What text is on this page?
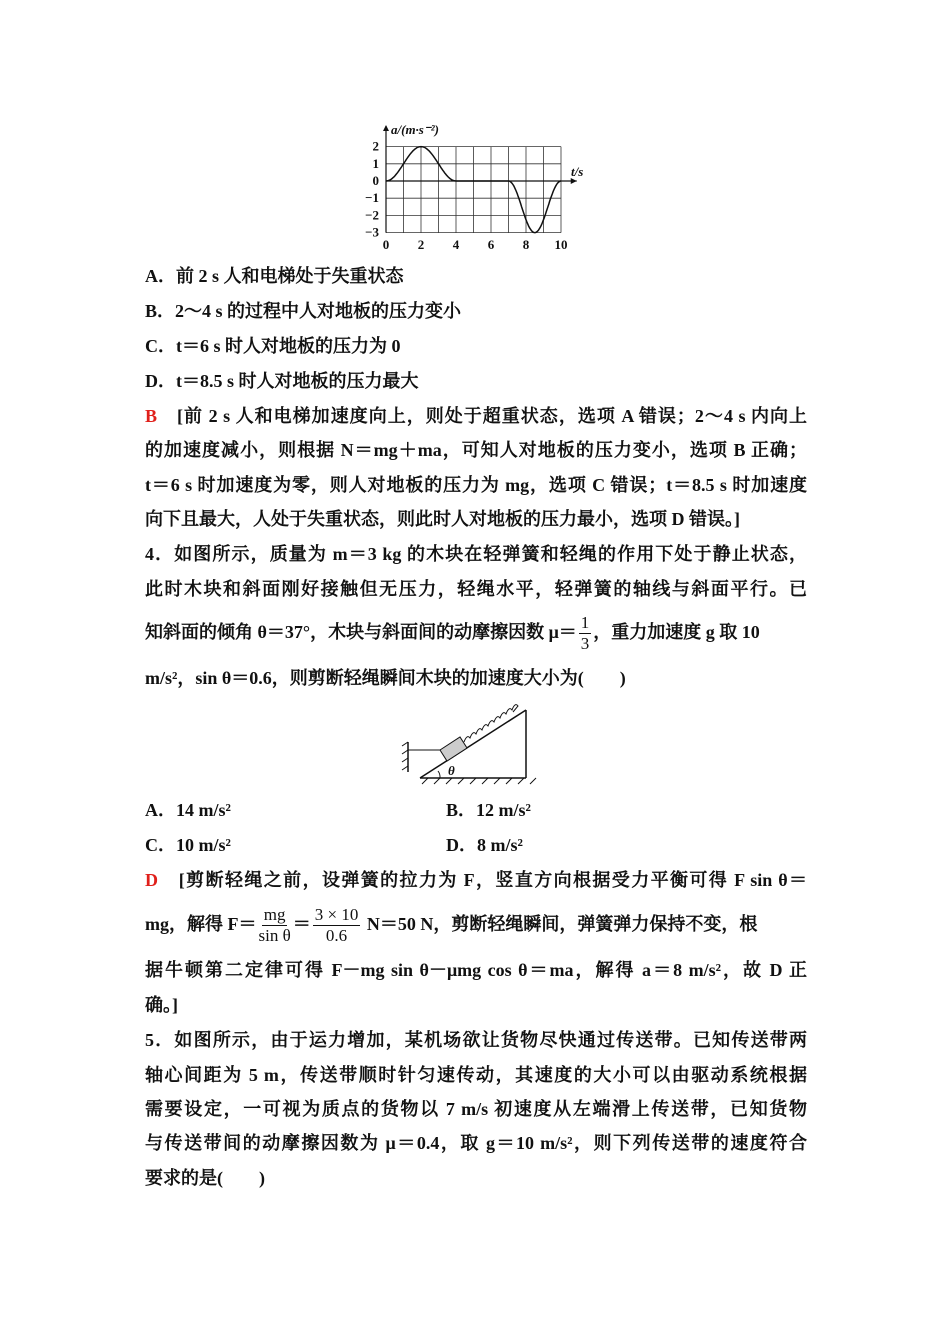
0 2 4 6 8 10
2
1
0
−1
−2
−3
a/(m·s⁻²)
t/s
A．前 2 s 人和电梯处于失重状态
B．2～4 s 的过程中人对地板的压力变小
C．t＝6 s 时人对地板的压力为 0
D．t＝8.5 s 时人对地板的压力最大
B　 [前 2 s 人和电梯加速度向上，则处于超重状态，选项 A 错误；2～4 s 内向上
的加速度减小，则根据 N＝mg＋ma，可知人对地板的压力变小，选项 B 正确；
t＝6 s 时加速度为零，则人对地板的压力为 mg，选项 C 错误；t＝8.5 s 时加速度
向下且最大，人处于失重状态，则此时人对地板的压力最小，选项 D 错误。]
4．如图所示，质量为 m＝3 kg 的木块在轻弹簧和轻绳的作用下处于静止状态，
此时木块和斜面刚好接触但无压力，轻绳水平，轻弹簧的轴线与斜面平行。已
知斜面的倾角 θ＝37°，木块与斜面间的动摩擦因数 $\mu= \frac{1}{3}$ ，重力加速度 g 取 10
m/s²，sin θ＝0.6，则剪断轻绳瞬间木块的加速度大小为(　　)
θ
A．14 m/s²	B．12 m/s²
C．10 m/s²	D．8 m/s²
D　 [剪断轻绳之前，设弹簧的拉力为 F，竖直方向根据受力平衡可得 F sin θ＝
mg，解得 $F= \frac{mg}{\text{sin θ}} = \frac{3 \times 10}{0.6} N=50$ N，剪断轻绳瞬间，弹簧弹力保持不变，根
据牛顿第二定律可得 F－mg sin θ－μmg cos θ＝ma，解得 a＝8 m/s²，故 D 正
确。]
5．如图所示，由于运力增加，某机场欲让货物尽快通过传送带。已知传送带两
轴心间距为 5 m，传送带顺时针匀速传动，其速度的大小可以由驱动系统根据
需要设定，一可视为质点的货物以 7 m/s 初速度从左端滑上传送带，已知货物
与传送带间的动摩擦因数为 μ＝0.4，取 g＝10 m/s²，则下列传送带的速度符合
要求的是(　　)
